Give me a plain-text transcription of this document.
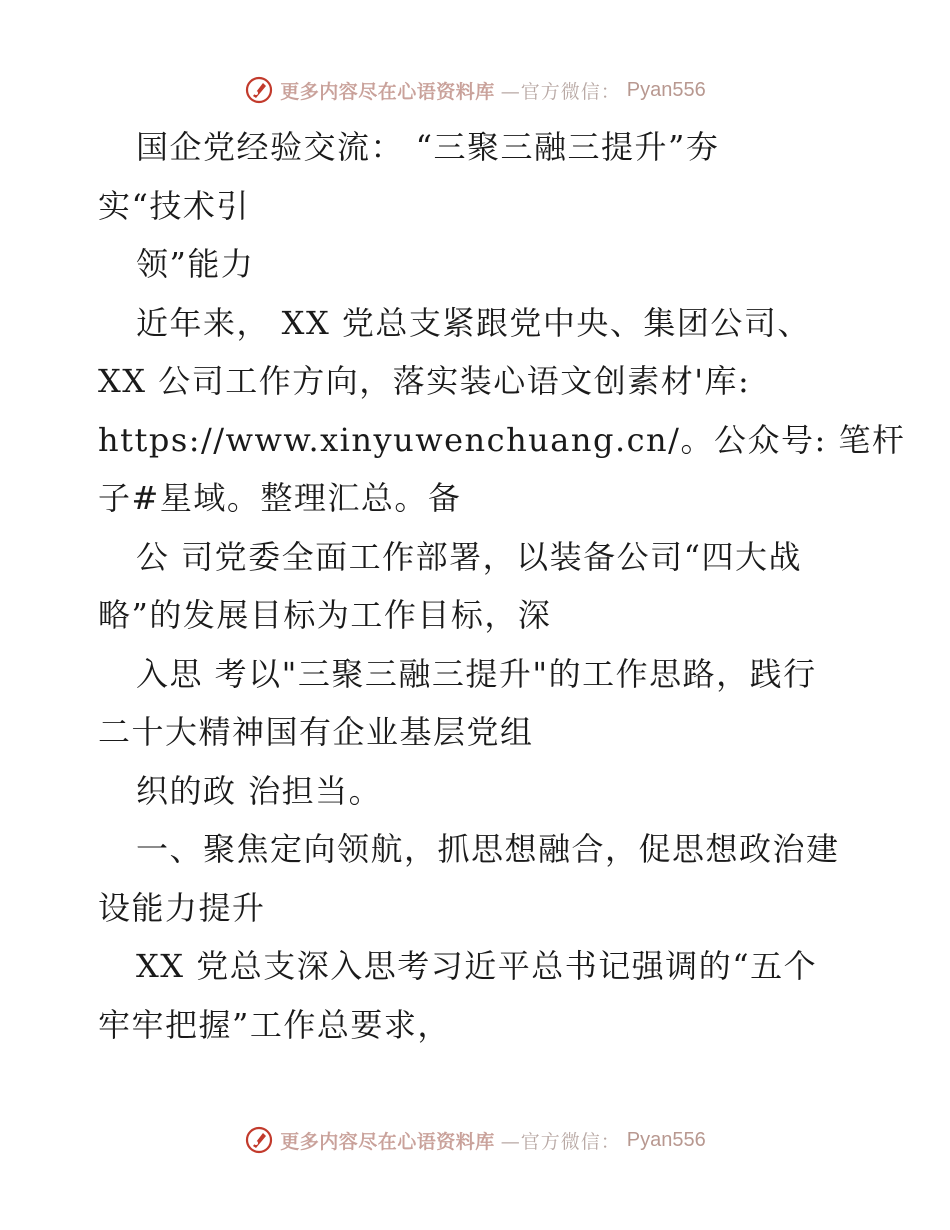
更多内容尽在心语资料库 —官方微信： Pyan556
国企党经验交流： “三聚三融三提升”夯
实“技术引
领”能力
近年来， XX 党总支紧跟党中央、集团公司、
XX 公司工作方向，落实装心语文创素材'库:
https://www.xinyuwenchuang.cn/。公众号: 笔杆
子#星域。整理汇总。备
公 司党委全面工作部署，以装备公司“四大战
略”的发展目标为工作目标，深
入思 考以"三聚三融三提升"的工作思路，践行
二十大精神国有企业基层党组
织的政 治担当。
一、聚焦定向领航，抓思想融合，促思想政治建
设能力提升
XX 党总支深入思考习近平总书记强调的“五个
牢牢把握”工作总要求，
更多内容尽在心语资料库 —官方微信： Pyan556
